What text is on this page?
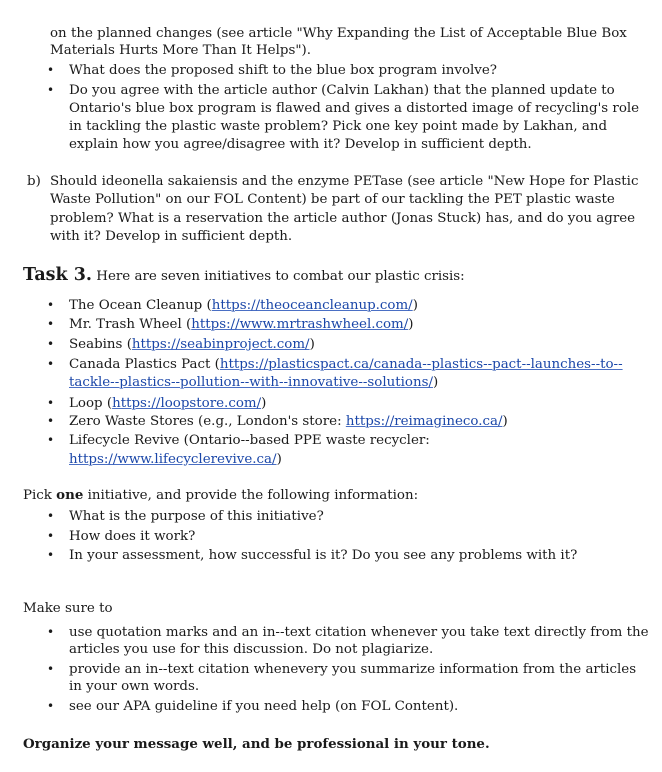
on the planned changes (see article "Why Expanding the List of Acceptable Blue Box
Materials Hurts More Than It Helps").
• What does the proposed shift to the blue box program involve?
• Do you agree with the article author (Calvin Lakhan) that the planned update to
Ontario's blue box program is flawed and gives a distorted image of recycling's role
in tackling the plastic waste problem? Pick one key point made by Lakhan, and
explain how you agree/disagree with it? Develop in sufficient depth.
b) Should ideonella sakaiensis and the enzyme PETase (see article "New Hope for Plastic
Waste Pollution" on our FOL Content) be part of our tackling the PET plastic waste
problem? What is a reservation the article author (Jonas Stuck) has, and do you agree
with it? Develop in sufficient depth.
Task 3. Here are seven initiatives to combat our plastic crisis:
• The Ocean Cleanup (https://theoceancleanup.com/)
• Mr. Trash Wheel (https://www.mrtrashwheel.com/)
• Seabins (https://seabinproject.com/)
• Canada Plastics Pact (https://plasticspact.ca/canada--plastics--pact--launches--to--
tackle--plastics--pollution--with--innovative--solutions/)
• Loop (https://loopstore.com/)
• Zero Waste Stores (e.g., London's store: https://reimagineco.ca/)
• Lifecycle Revive (Ontario--based PPE waste recycler:
https://www.lifecyclerevive.ca/)
Pick one initiative, and provide the following information:
• What is the purpose of this initiative?
• How does it work?
• In your assessment, how successful is it? Do you see any problems with it?
Make sure to
• use quotation marks and an in--text citation whenever you take text directly from the
articles you use for this discussion. Do not plagiarize.
• provide an in--text citation whenevery you summarize information from the articles
in your own words.
• see our APA guideline if you need help (on FOL Content).
Organize your message well, and be professional in your tone.
